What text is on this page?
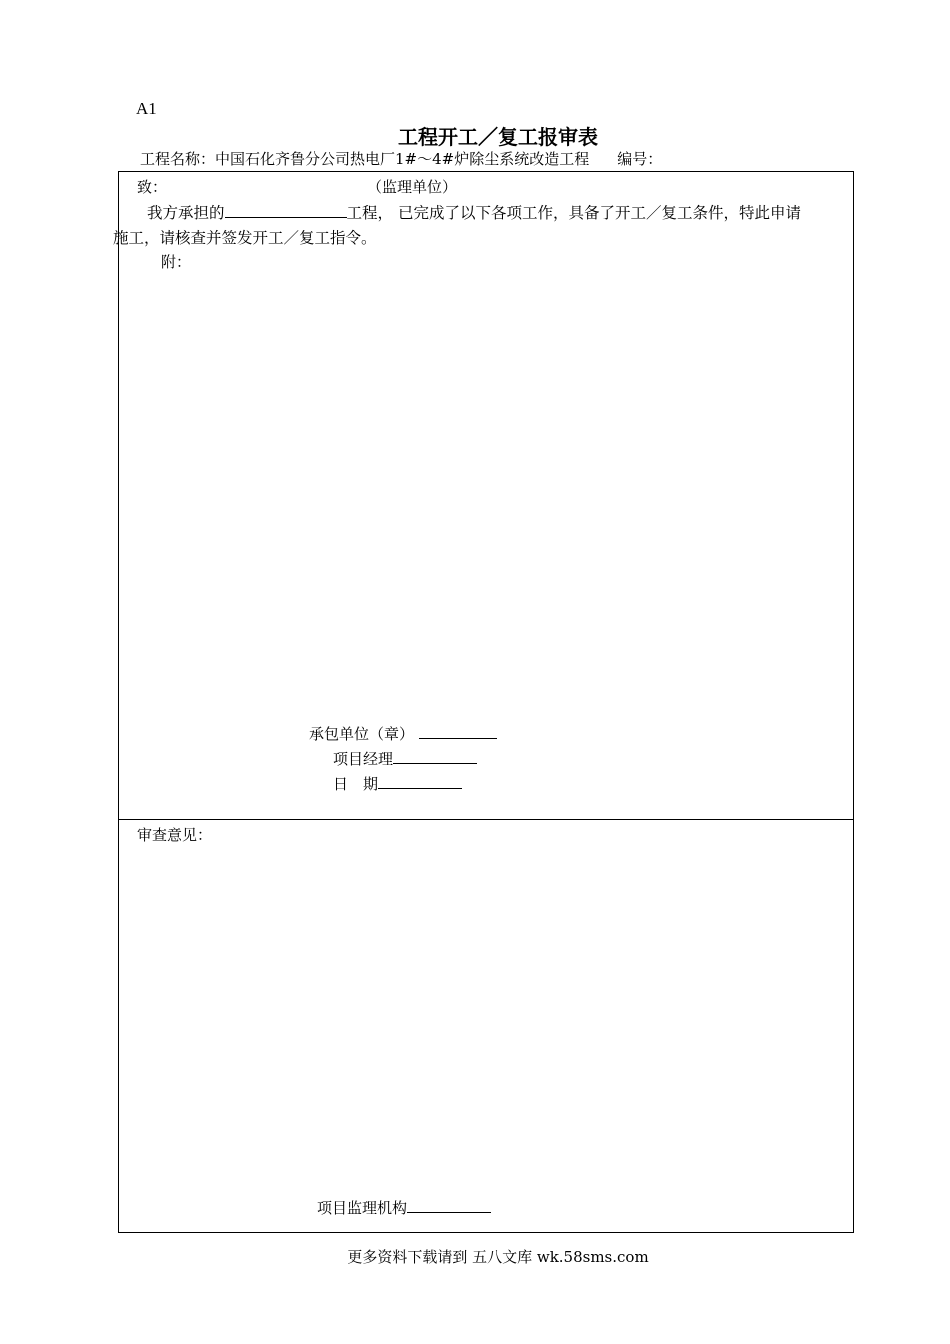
A1
工程开工／复工报审表
工程名称：中国石化齐鲁分公司热电厂1#～4#炉除尘系统改造工程 编号：
致：	（监理单位）
我方承担的	工程， 已完成了以下各项工作，具备了开工／复工条件，特此申请
施工，请核查并签发开工／复工指令。
附：
承包单位（章）
项目经理
日　期
审查意见：
项目监理机构
更多资料下载请到 五八文库 wk.58sms.com
